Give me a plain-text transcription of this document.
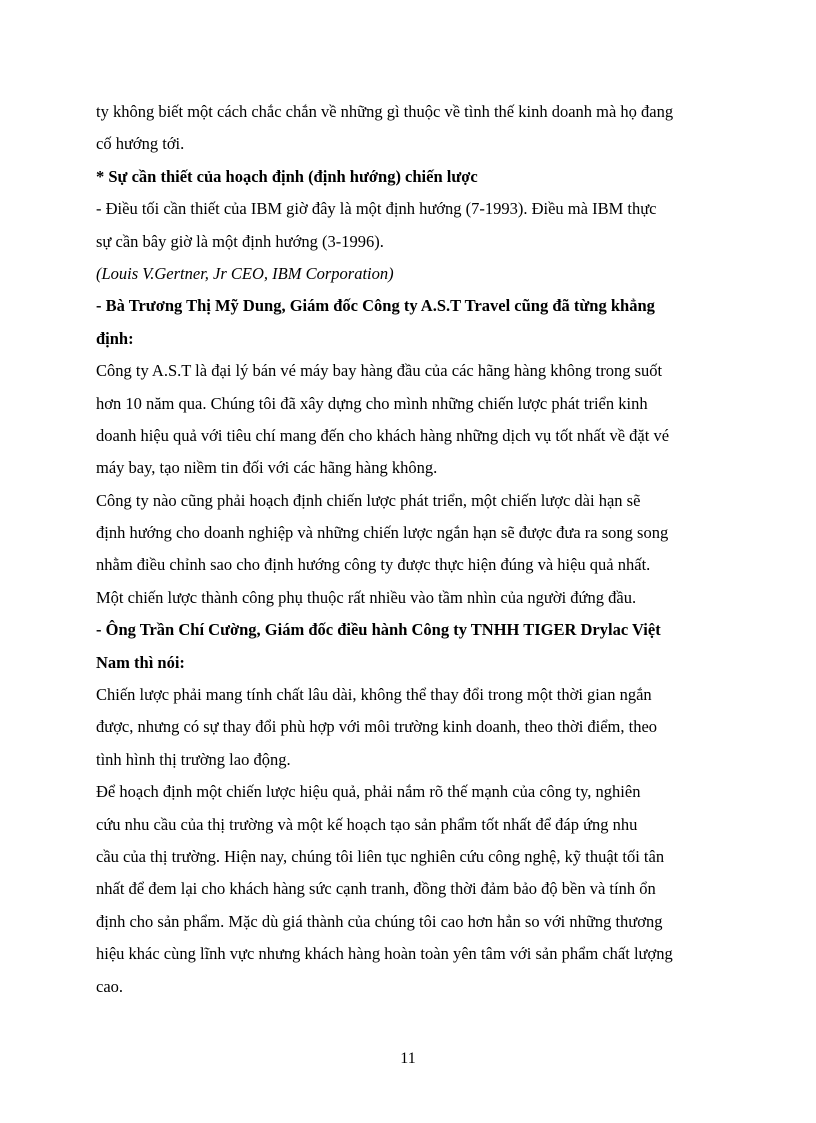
ty không biết một cách chắc chắn về những gì thuộc về tình thế kinh doanh mà họ đang
cố hướng tới.
* Sự cần thiết của hoạch định (định hướng) chiến lược
- Điều tối cần thiết của IBM giờ đây là một định hướng (7-1993). Điều mà IBM thực
sự cần bây giờ là một định hướng (3-1996).
(Louis V.Gertner, Jr CEO, IBM Corporation)
- Bà Trương Thị Mỹ Dung, Giám đốc Công ty A.S.T Travel cũng đã từng khẳng
định:
Công ty A.S.T là đại lý bán vé máy bay hàng đầu của các hãng hàng không trong suốt
hơn 10 năm qua. Chúng tôi đã xây dựng cho mình những chiến lược phát triển kinh
doanh hiệu quả với tiêu chí mang đến cho khách hàng những dịch vụ tốt nhất về đặt vé
máy bay, tạo niềm tin đối với các hãng hàng không.
Công ty nào cũng phải hoạch định chiến lược phát triển, một chiến lược dài hạn sẽ
định hướng cho doanh nghiệp và những chiến lược ngắn hạn sẽ được đưa ra song song
nhằm điều chỉnh sao cho định hướng công ty được thực hiện đúng và hiệu quả nhất.
Một chiến lược thành công phụ thuộc rất nhiều vào tầm nhìn của người đứng đầu.
- Ông Trần Chí Cường, Giám đốc điều hành Công ty TNHH TIGER Drylac Việt
Nam thì nói:
Chiến lược phải mang tính chất lâu dài, không thể thay đổi trong một thời gian ngắn
được, nhưng có sự thay đổi phù hợp với môi trường kinh doanh, theo thời điểm, theo
tình hình thị trường lao động.
Để hoạch định một chiến lược hiệu quả, phải nắm rõ thế mạnh của công ty, nghiên
cứu nhu cầu của thị trường và một kế hoạch tạo sản phẩm tốt nhất để đáp ứng nhu
cầu của thị trường. Hiện nay, chúng tôi liên tục nghiên cứu công nghệ, kỹ thuật tối tân
nhất để đem lại cho khách hàng sức cạnh tranh, đồng thời đảm bảo độ bền và tính ổn
định cho sản phẩm. Mặc dù giá thành của chúng tôi cao hơn hẳn so với những thương
hiệu khác cùng lĩnh vực nhưng khách hàng hoàn toàn yên tâm với sản phẩm chất lượng
cao.
11
